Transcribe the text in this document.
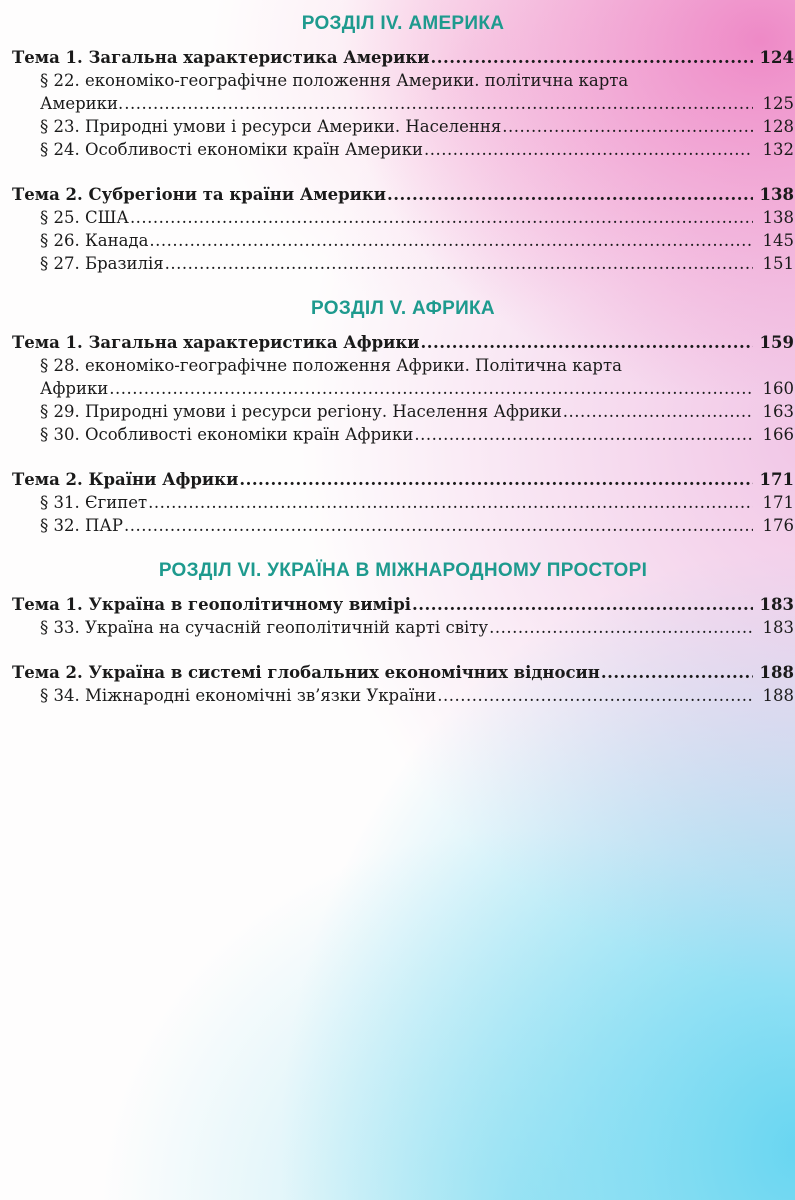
РОЗДІЛ IV. АМЕРИКА
Тема 1. Загальна характеристика Америки .....	124
§ 22. економіко-географічне положення Америки. політична карта
Америки. .....	125
§ 23. Природні умови і ресурси Америки. Населення .....	128
§ 24. Особливості економіки країн Америки .....	132
Тема 2. Субрегіони та країни Америки .....	138
§ 25. США .....	138
§ 26. Канада .....	145
§ 27. Бразилія .....	151
РОЗДІЛ V. АФРИКА
Тема 1. Загальна характеристика Африки .....	159
§ 28. економіко-географічне положення Африки. Політична карта
Африки .....	160
§ 29. Природні умови і ресурси регіону. Населення Африки .....	163
§ 30. Особливості економіки країн Африки .....	166
Тема 2. Країни Африки .....	171
§ 31. Єгипет .....	171
§ 32. ПАР .....	176
РОЗДІЛ VI. УКРАЇНА В МІЖНАРОДНОМУ ПРОСТОРІ
Тема 1. Україна в геополітичному вимірі .....	183
§ 33. Україна на сучасній геополітичній карті світу .....	183
Тема 2. Україна в системі глобальних економічних відносин .....	188
§ 34. Міжнародні економічні зв’язки України .....	188
